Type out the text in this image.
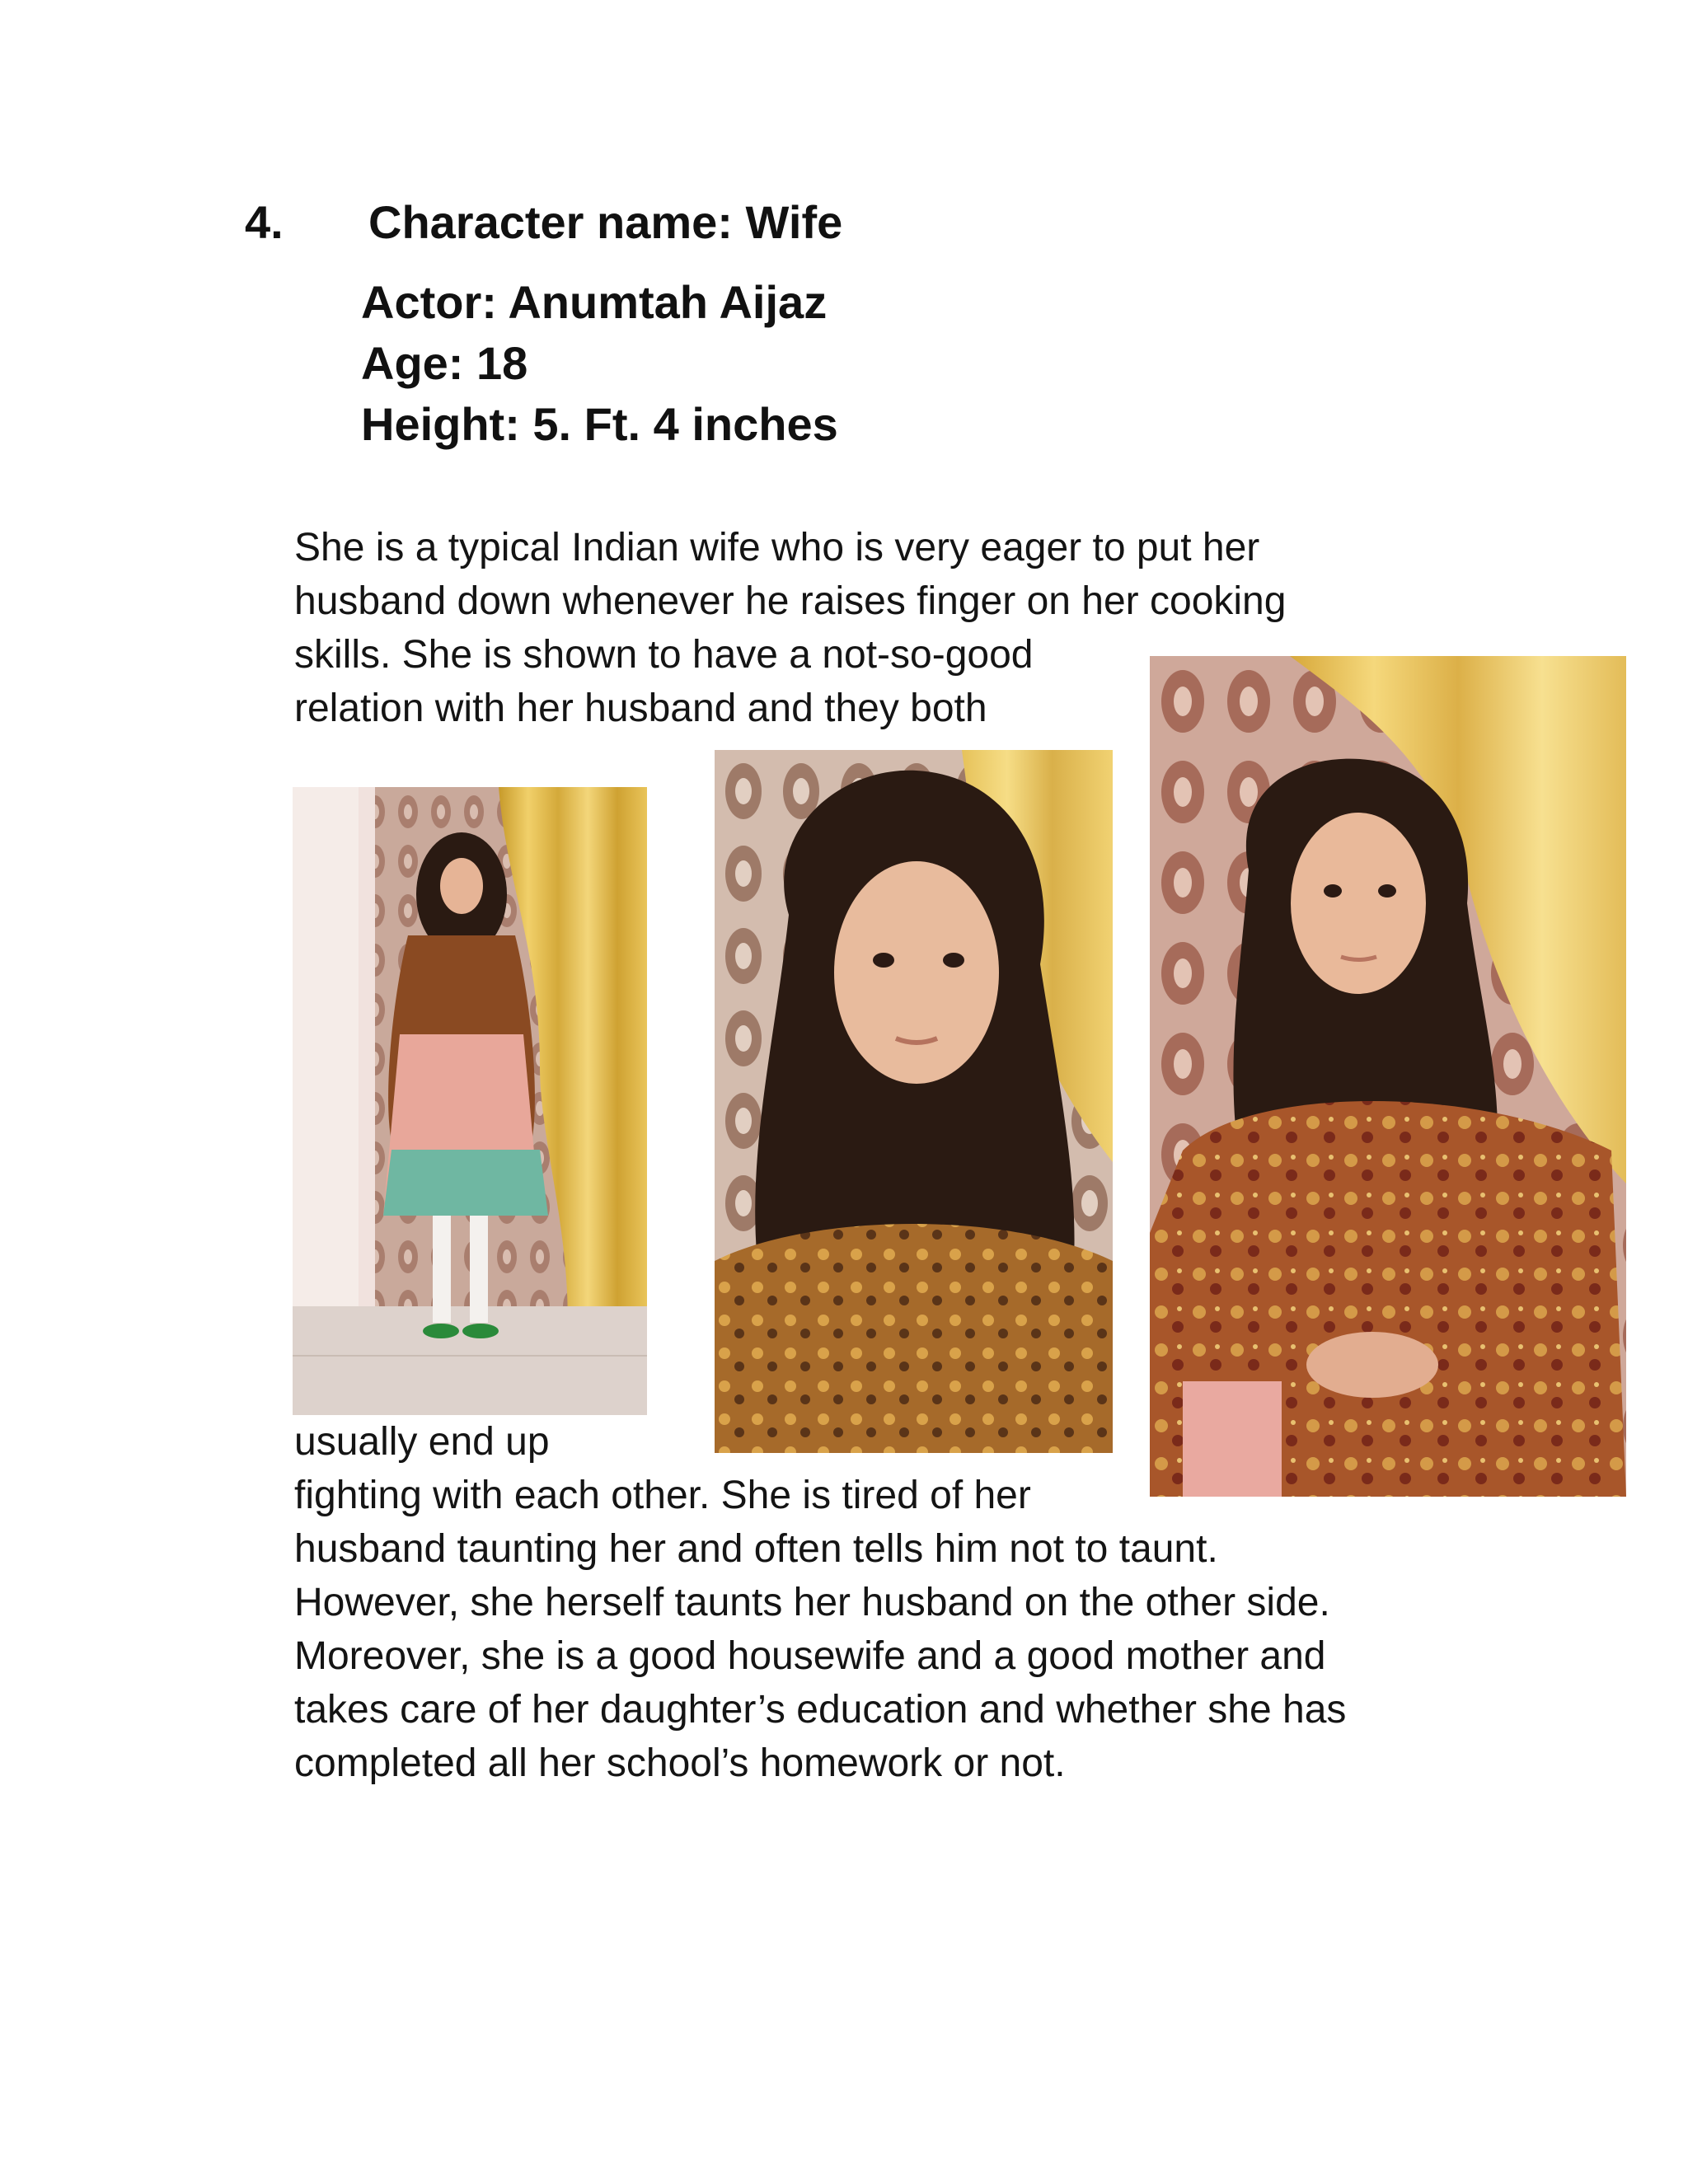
4. Character name: Wife
Actor: Anumtah Aijaz
Age: 18
Height: 5. Ft. 4 inches
She is a typical Indian wife who is very eager to put her
husband down whenever he raises finger on her cooking
skills. She is shown to have a not-so-good
relation with her husband and they both
usually end up
fighting with each other. She is tired of her
husband taunting her and often tells him not to taunt.
However, she herself taunts her husband on the other side.
Moreover, she is a good housewife and a good mother and
takes care of her daughter’s education and whether she has
completed all her school’s homework or not.
